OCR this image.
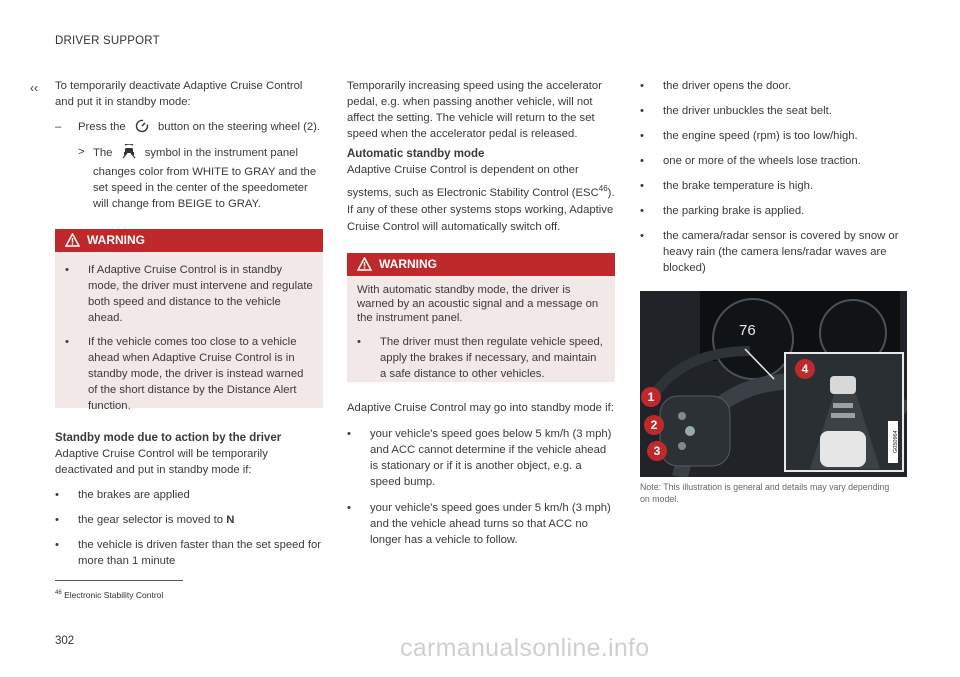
DRIVER SUPPORT
‹‹ To temporarily deactivate Adaptive Cruise Control and put it in standby mode:

– Press the	button on the steering wheel (2).
> The	symbol in the instrument panel changes color from WHITE to GRAY and the set speed in the center of the speedometer will change from BEIGE to GRAY.
WARNING
• If Adaptive Cruise Control is in standby mode, the driver must intervene and regulate both speed and distance to the vehicle ahead.
• If the vehicle comes too close to a vehicle ahead when Adaptive Cruise Control is in standby mode, the driver is instead warned of the short distance by the Distance Alert function.
Standby mode due to action by the driver

Adaptive Cruise Control will be temporarily deactivated and put in standby mode if:

• the brakes are applied
• the gear selector is moved to N
• the vehicle is driven faster than the set speed for more than 1 minute

Temporarily increasing speed using the accelerator pedal, e.g. when passing another vehicle, will not affect the setting. The vehicle will return to the set speed when the accelerator pedal is released.

Automatic standby mode

Adaptive Cruise Control is dependent on other systems, such as Electronic Stability Control (ESC$^{46}$). If any of these other systems stops working, Adaptive Cruise Control will automatically switch off.

WARNING

With automatic standby mode, the driver is warned by an acoustic signal and a message on the instrument panel.

• The driver must then regulate vehicle speed, apply the brakes if necessary, and maintain a safe distance to other vehicles.

Adaptive Cruise Control may go into standby mode if:

• your vehicle's speed goes below 5 km/h (3 mph) and ACC cannot determine if the vehicle ahead is stationary or if it is another object, e.g. a speed bump.
• your vehicle's speed goes under 5 km/h (3 mph) and the vehicle ahead turns so that ACC no longer has a vehicle to follow.
• the driver opens the door.
• the driver unbuckles the seat belt.
• the engine speed (rpm) is too low/high.
• one or more of the wheels lose traction.
• the brake temperature is high.
• the parking brake is applied.
• the camera/radar sensor is covered by snow or heavy rain (the camera lens/radar waves are blocked)
76
1
2
3
4
G050964
Note: This illustration is general and details may vary depending on model.
$^{46}$ Electronic Stability Control
302	carmanualsonline.info
